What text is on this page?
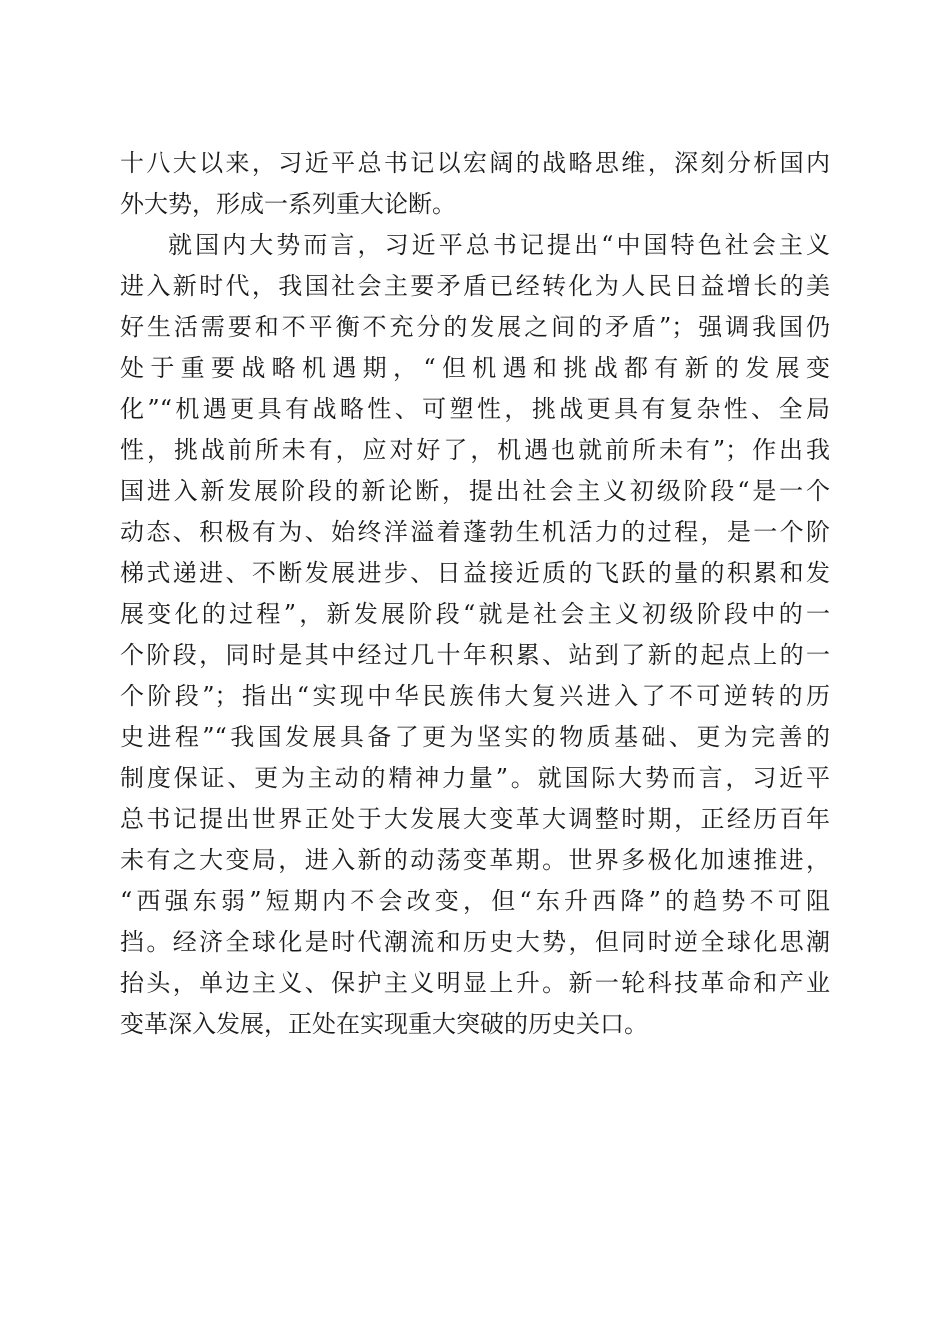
十八大以来，习近平总书记以宏阔的战略思维，深刻分析国内
外大势，形成一系列重大论断。
就国内大势而言，习近平总书记提出“中国特色社会主义
进入新时代，我国社会主要矛盾已经转化为人民日益增长的美
好生活需要和不平衡不充分的发展之间的矛盾”；强调我国仍
处于重要战略机遇期，“但机遇和挑战都有新的发展变
化”“机遇更具有战略性、可塑性，挑战更具有复杂性、全局
性，挑战前所未有，应对好了，机遇也就前所未有”；作出我
国进入新发展阶段的新论断，提出社会主义初级阶段“是一个
动态、积极有为、始终洋溢着蓬勃生机活力的过程，是一个阶
梯式递进、不断发展进步、日益接近质的飞跃的量的积累和发
展变化的过程”，新发展阶段“就是社会主义初级阶段中的一
个阶段，同时是其中经过几十年积累、站到了新的起点上的一
个阶段”；指出“实现中华民族伟大复兴进入了不可逆转的历
史进程”“我国发展具备了更为坚实的物质基础、更为完善的
制度保证、更为主动的精神力量”。就国际大势而言，习近平
总书记提出世界正处于大发展大变革大调整时期，正经历百年
未有之大变局，进入新的动荡变革期。世界多极化加速推进，
“西强东弱”短期内不会改变，但“东升西降”的趋势不可阻
挡。经济全球化是时代潮流和历史大势，但同时逆全球化思潮
抬头，单边主义、保护主义明显上升。新一轮科技革命和产业
变革深入发展，正处在实现重大突破的历史关口。
